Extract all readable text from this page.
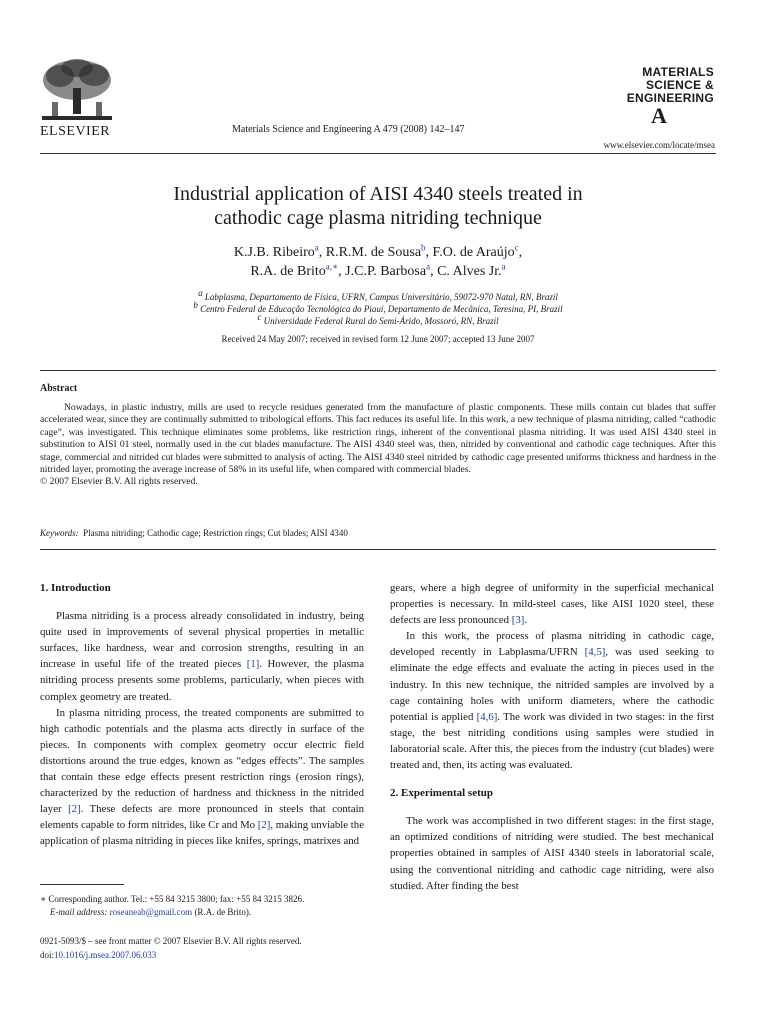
ELSEVIER	Materials Science and Engineering A 479 (2008) 142–147
MATERIALS
SCIENCE &
ENGINEERING
A
www.elsevier.com/locate/msea
Industrial application of AISI 4340 steels treated in
cathodic cage plasma nitriding technique
K.J.B. Ribeiro$^a$, R.R.M. de Sousa$^b$, F.O. de Araújo$^c$,
R.A. de Brito$^{a,∗}$, J.C.P. Barbosa$^a$, C. Alves Jr.$^a$
$^a$ Labplasma, Departamento de Física, UFRN, Campus Universitário, 59072-970 Natal, RN, Brazil
$^b$ Centro Federal de Educação Tecnológica do Piauí, Departamento de Mecânica, Teresina, PI, Brazil
$^c$ Universidade Federal Rural do Semi-Árido, Mossoró, RN, Brazil
Received 24 May 2007; received in revised form 12 June 2007; accepted 13 June 2007
Abstract

Nowadays, in plastic industry, mills are used to recycle residues generated from the manufacture of plastic components. These mills contain cut blades that suffer accelerated wear, since they are continually submitted to tribological efforts. This fact reduces its useful life. In this work, a new technique of plasma nitriding, called “cathodic cage”, was investigated. This technique eliminates some problems, like restriction rings, inherent of the conventional plasma nitriding. It was used AISI 4340 steel in substitution to AISI 01 steel, normally used in the cut blades manufacture. The AISI 4340 steel was, then, nitrided by conventional and cathodic cage techniques. After this stage, commercial and nitrided cut blades were submitted to analysis of acting. The AISI 4340 steel nitrided by cathodic cage presented uniforms thickness and hardness in the nitrided layer, promoting the average increase of 58% in its useful life, when compared with commercial blades.

© 2007 Elsevier B.V. All rights reserved.
Keywords: Plasma nitriding; Cathodic cage; Restriction rings; Cut blades; AISI 4340
1. Introduction

Plasma nitriding is a process already consolidated in industry, being quite used in improvements of several physical properties in metallic surfaces, like hardness, wear and corrosion strengths, resulting in an increase in useful life of the treated pieces [1]. However, the plasma nitriding process presents some problems, particularly, when pieces with complex geometry are treated.

In plasma nitriding process, the treated components are submitted to high cathodic potentials and the plasma acts directly in surface of the pieces. In components with complex geometry occur electric field distortions around the true edges, known as “edges effects”. The samples that contain these edge effects present restriction rings (erosion rings), characterized by the reduction of hardness and thickness in the nitrided layer [2]. These defects are more pronounced in steels that contain elements capable to form nitrides, like Cr and Mo [2], making unviable the application of plasma nitriding in pieces like knifes, springs, matrixes and

gears, where a high degree of uniformity in the superficial mechanical properties is necessary. In mild-steel cases, like AISI 1020 steel, these defects are less pronounced [3].

In this work, the process of plasma nitriding in cathodic cage, developed recently in Labplasma/UFRN [4,5], was used seeking to eliminate the edge effects and evaluate the acting in pieces used in the industry. In this new technique, the nitrided samples are involved by a cage containing holes with uniform diameters, where the cathodic potential is applied [4,6]. The work was divided in two stages: in the first stage, the best nitriding conditions using samples were studied in laboratorial scale. After this, the pieces from the industry (cut blades) were treated and, then, its acting was evaluated.

2. Experimental setup

The work was accomplished in two different stages: in the first stage, an optimized conditions of nitriding were studied. The best mechanical properties obtained in samples of AISI 4340 steels in laboratorial scale, using the conventional nitriding and cathodic cage nitriding, were also studied. After finding the best

∗ Corresponding author. Tel.: +55 84 3215 3800; fax: +55 84 3215 3826.
E-mail address: roseaneab@gmail.com (R.A. de Brito).
0921-5093/$ – see front matter © 2007 Elsevier B.V. All rights reserved.
doi:10.1016/j.msea.2007.06.033
